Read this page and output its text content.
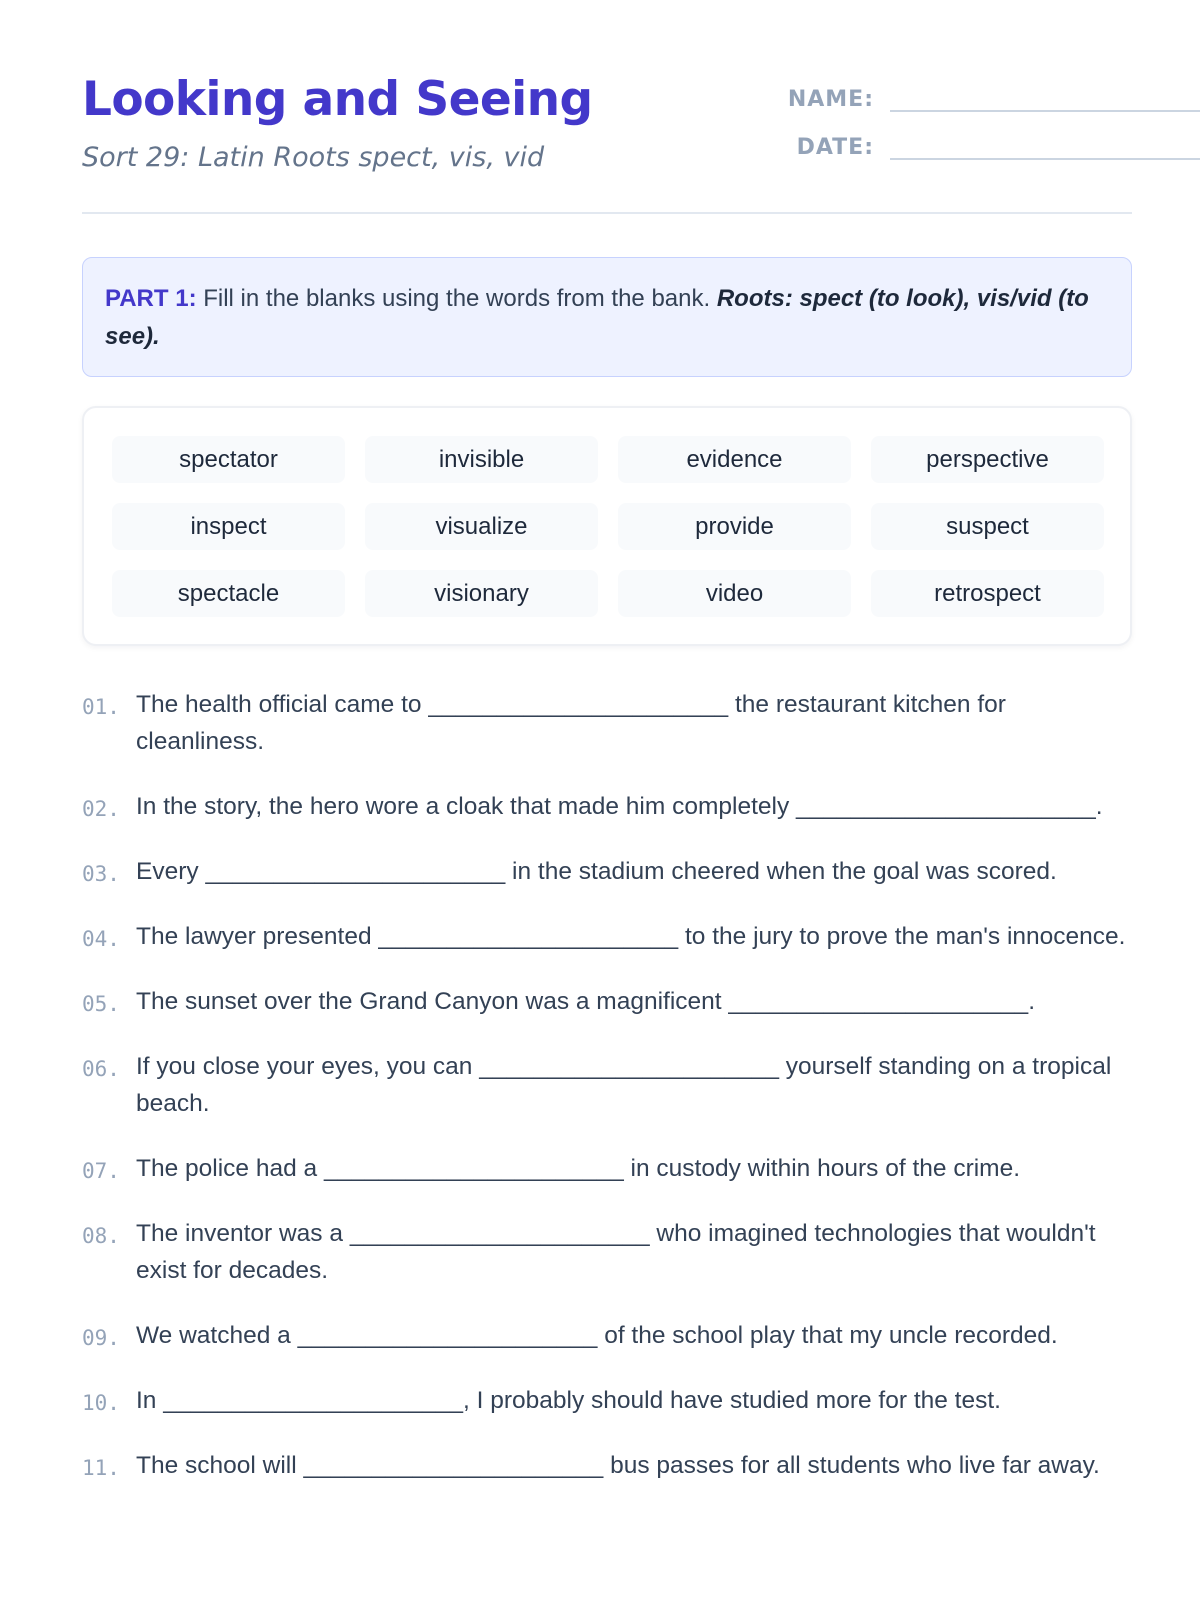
Looking and Seeing
Sort 29: Latin Roots spect, vis, vid
NAME:
DATE:
PART 1: Fill in the blanks using the words from the bank. Roots: spect (to look), vis/vid (to see).
spectator	invisible	evidence	perspective
inspect	visualize	provide	suspect
spectacle	visionary	video	retrospect
01. The health official came to ______________________ the restaurant kitchen for cleanliness.
02. In the story, the hero wore a cloak that made him completely ______________________.
03. Every ______________________ in the stadium cheered when the goal was scored.
04. The lawyer presented ______________________ to the jury to prove the man's innocence.
05. The sunset over the Grand Canyon was a magnificent ______________________.
06. If you close your eyes, you can ______________________ yourself standing on a tropical beach.
07. The police had a ______________________ in custody within hours of the crime.
08. The inventor was a ______________________ who imagined technologies that wouldn't exist for decades.
09. We watched a ______________________ of the school play that my uncle recorded.
10. In ______________________, I probably should have studied more for the test.
11. The school will ______________________ bus passes for all students who live far away.
